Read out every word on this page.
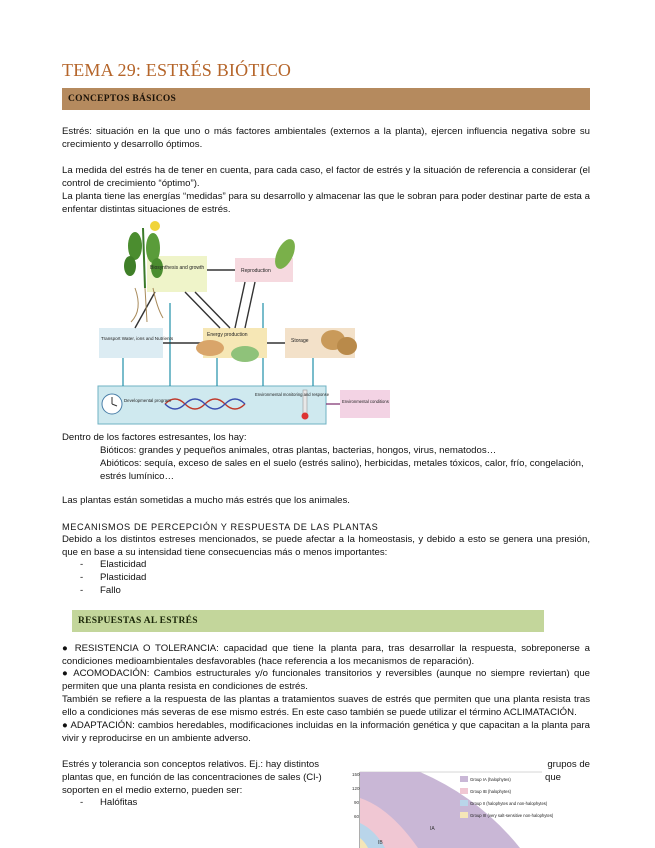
TEMA 29: ESTRÉS BIÓTICO
CONCEPTOS BÁSICOS
Estrés: situación en la que uno o más factores ambientales (externos a la planta), ejercen influencia negativa sobre su
crecimiento y desarrollo óptimos.
La medida del estrés ha de tener en cuenta, para cada caso, el factor de estrés y la situación de referencia a considerar (el
control de crecimiento “óptimo”).
La planta tiene las energías “medidas” para su desarrollo y almacenar las que le sobran para poder destinar parte de esta a
enfentar distintas situaciones de estrés.
Biosynthesis and growth	Reproduction
Transport Water, ions and Nutrients
Energy production
Storage
Developmental program
Environmental monitoring and response
Environmental conditions
Dentro de los factores estresantes, los hay:
Bióticos: grandes y pequeños animales, otras plantas, bacterias, hongos, virus, nematodos…
Abióticos: sequía, exceso de sales en el suelo (estrés salino), herbicidas, metales tóxicos, calor, frío, congelación,
estrés lumínico…
Las plantas están sometidas a mucho más estrés que los animales.
MECANISMOS DE PERCEPCIÓN Y RESPUESTA DE LAS PLANTAS
Debido a los distintos estreses mencionados, se puede afectar a la homeostasis, y debido a esto se genera una presión,
que en base a su intensidad tiene consecuencias más o menos importantes:
- Elasticidad
- Plasticidad
- Fallo
RESPUESTAS AL ESTRÉS
● RESISTENCIA O TOLERANCIA: capacidad que tiene la planta para, tras desarrollar la respuesta, sobreponerse a
condiciones medioambientales desfavorables (hace referencia a los mecanismos de reparación).
● ACOMODACIÓN: Cambios estructurales y/o funcionales transitorios y reversibles (aunque no siempre reviertan) que
permiten que una planta resista en condiciones de estrés.
También se refiere a la respuesta de las plantas a tratamientos suaves de estrés que permiten que una planta resista tras
ello a condiciones más severas de ese mismo estrés. En este caso también se puede utilizar el término ACLIMATACIÓN.
● ADAPTACIÓN: cambios heredables, modificaciones incluidas en la información genética y que capacitan a la planta para
vivir y reproducirse en un ambiente adverso.
Estrés y tolerancia son conceptos relativos. Ej.: hay distintos	grupos de
plantas que, en función de las concentraciones de sales (Cl-)	que
soporten en el medio externo, pueden ser:
- Halófitas
150
120
90
60
Group IA (halophytes)
Group IB (halophytes)
Group II (halophytes and non-halophytes)
Group III (very salt-sensitive non-halophytes)
IA
IB
